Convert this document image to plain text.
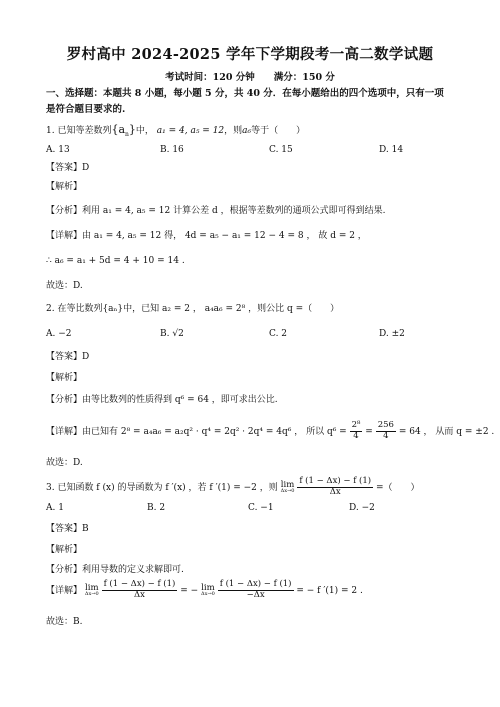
罗村高中 2024-2025 学年下学期段考一高二数学试题
考试时间：120 分钟　　满分：150 分
一、选择题：本题共 8 小题，每小题 5 分，共 40 分．在每小题给出的四个选项中，只有一项
是符合题目要求的.
1. 已知等差数列$\{a_n\}$中， a₁ = 4, a₅ = 12，则a₆等于（　　）
A. 13	B. 16	C. 15	D. 14
【答案】D
【解析】
【分析】利用 a₁ = 4, a₅ = 12 计算公差 d ，根据等差数列的通项公式即可得到结果.
【详解】由 a₁ = 4, a₅ = 12 得， 4d = a₅ − a₁ = 12 − 4 = 8 ， 故 d = 2 ，
∴ a₆ = a₁ + 5d = 4 + 10 = 14 .
故选：D.
2. 在等比数列{aₙ}中，已知 a₂ = 2 ， a₄a₆ = 2⁸ ，则公比 q =（　　）
A. −2	B. √2	C. 2	D. ±2
【答案】D
【解析】
【分析】由等比数列的性质得到 q⁶ = 64 ，即可求出公比.
【详解】由已知有 2⁸ = a₄a₆ = a₂q² · q⁴ = 2q² · 2q⁴ = 4q⁶ ， 所以 $q^6 = \frac{\text{2⁸}}{4} = \frac{256}{4} = 64$ ， 从而 q = ±2 .
故选：D.
3. 已知函数 f (x) 的导函数为 f ′(x) ，若 f ′(1) = −2 ，则 lim
Δx→0
$\frac{f (1 - \Delta x) - f (1)}{\Delta x}$ =（　　）
A. 1	B. 2	C. −1	D. −2
【答案】B
【解析】
【分析】利用导数的定义求解即可.
【详解】 lim
Δx→0
$\frac{f (1 - \Delta x) - f (1)}{\Delta x}$ = − lim
Δx→0
$\frac{f (1 - \Delta x) - f (1)}{-\Delta x}$ = − f ′(1) = 2 .
故选：B.
